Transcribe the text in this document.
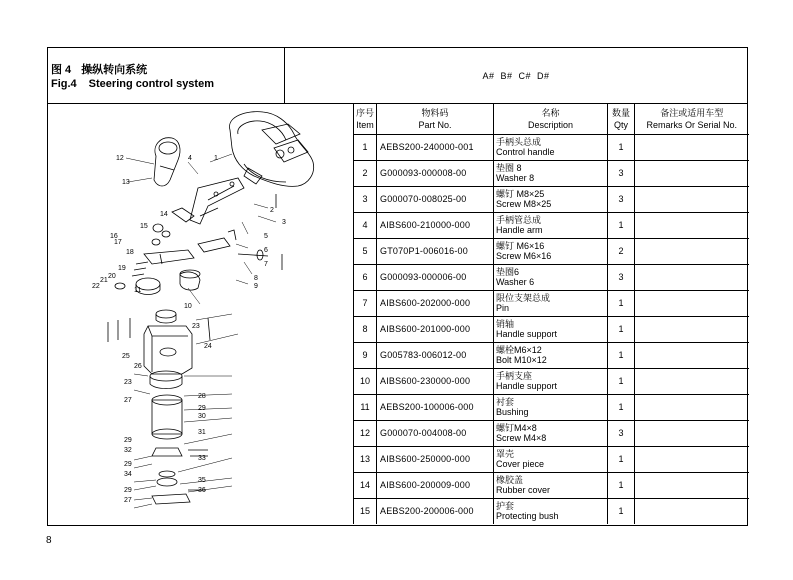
图 4 操纵转向系统
Fig.4 Steering control system
A#  B#  C#  D#
1
2
3
4
5
6
7
8
9
10
11
12
13
14
15
16
17
18
19
20
21
22
23
24
25
26
23
27
28
29
30
31
29
32
33
29
34
35
36
29
27
序号
Item	物料码
Part No.	名称
Description	数量
Qty	备注或适用车型
Remarks Or Serial No.

1	AEBS200-240000-001	手柄头总成
Control handle	1	
2	G000093-000008-00	垫圈 8
Washer 8	3	
3	G000070-008025-00	螺钉 M8×25
Screw M8×25	3	
4	AIBS600-210000-000	手柄管总成
Handle arm	1	
5	GT070P1-006016-00	螺钉 M6×16
Screw M6×16	2	
6	G000093-000006-00	垫圈6
Washer 6	3	
7	AIBS600-202000-000	限位支架总成
Pin	1	
8	AIBS600-201000-000	销轴
Handle support	1	
9	G005783-006012-00	螺栓M6×12
Bolt M10×12	1	
10	AIBS600-230000-000	手柄支座
Handle support	1	
11	AEBS200-100006-000	衬套
Bushing	1	
12	G000070-004008-00	螺钉M4×8
Screw M4×8	3	
13	AIBS600-250000-000	罩壳
Cover piece	1	
14	AIBS600-200009-000	橡胶盖
Rubber cover	1	
15	AEBS200-200006-000	护套
Protecting bush	1	
8
